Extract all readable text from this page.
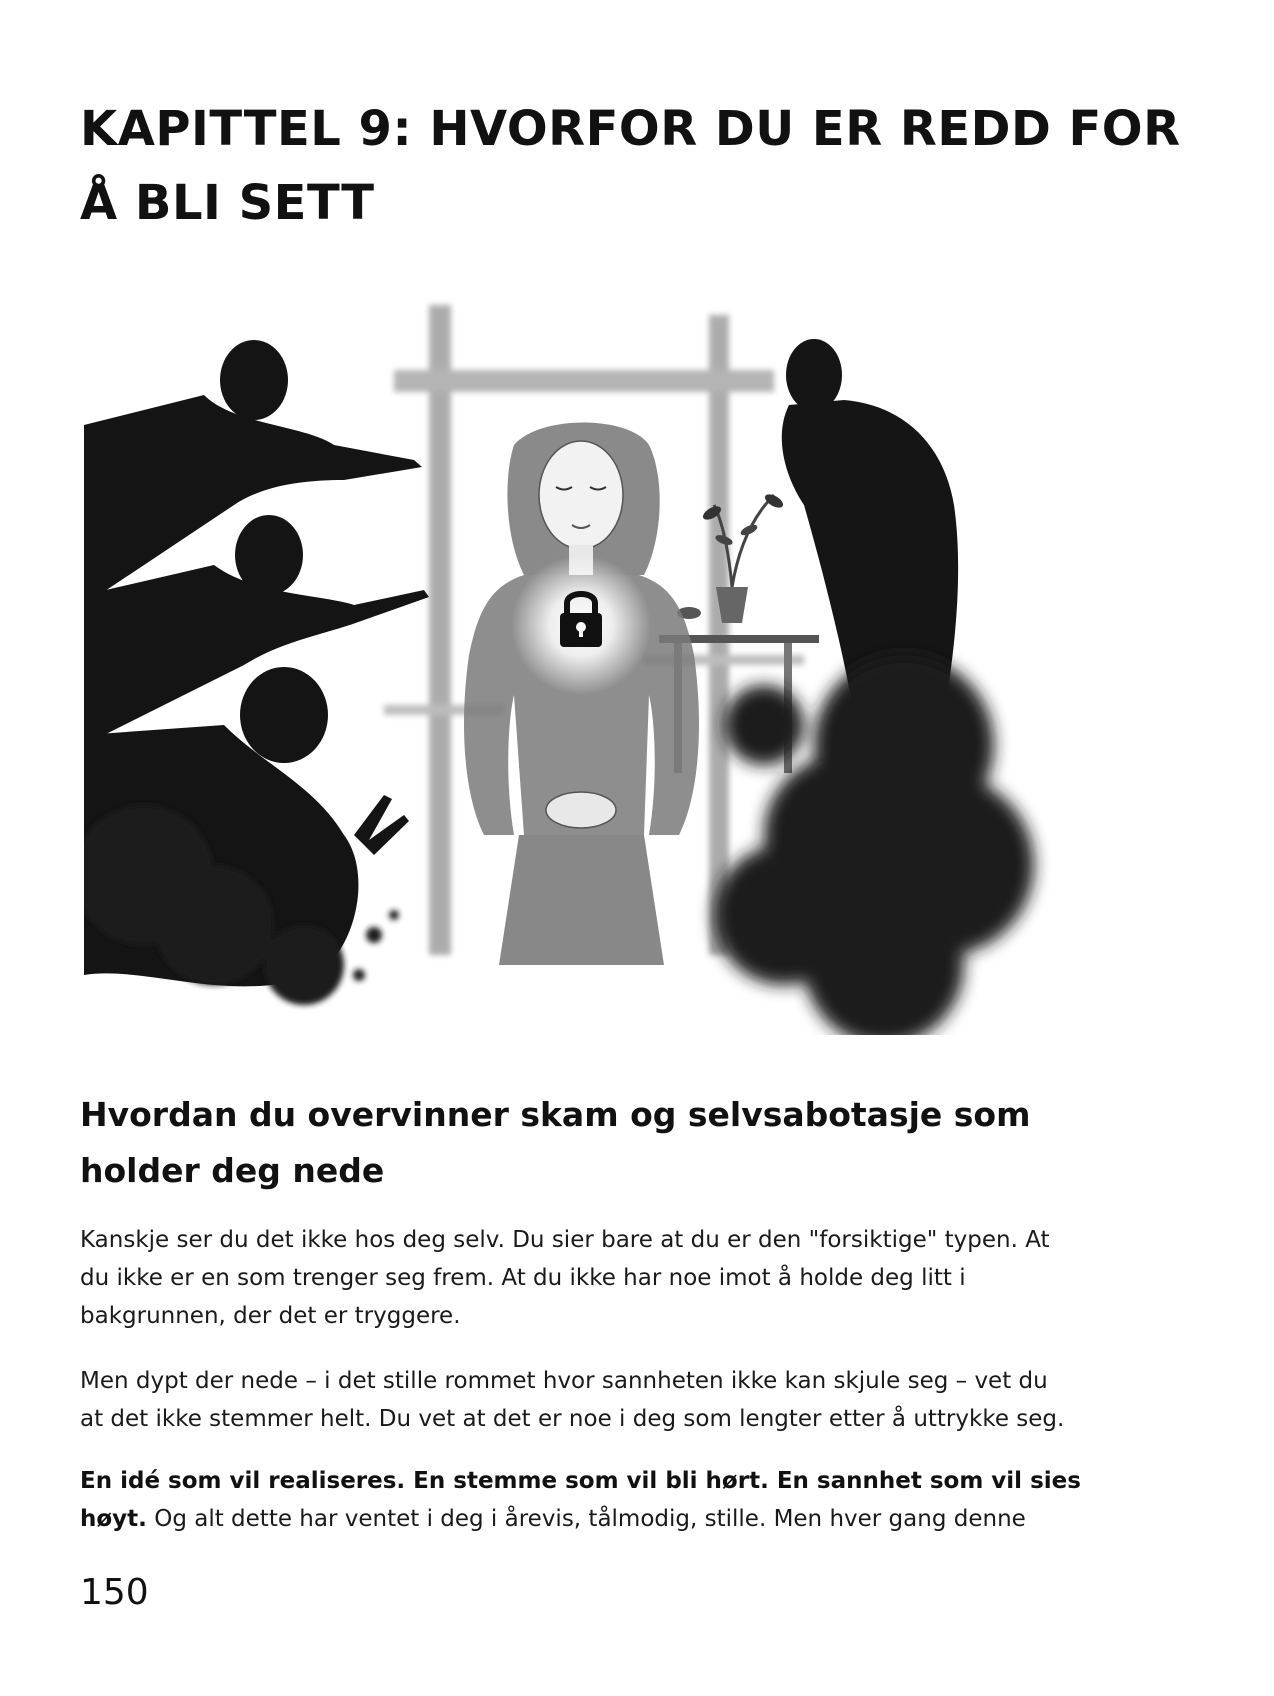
KAPITTEL 9: HVORFOR DU ER REDD FOR
Å BLI SETT
Hvordan du overvinner skam og selvsabotasje som
holder deg nede

Kanskje ser du det ikke hos deg selv. Du sier bare at du er den "forsiktige" typen. At
du ikke er en som trenger seg frem. At du ikke har noe imot å holde deg litt i
bakgrunnen, der det er tryggere.

Men dypt der nede – i det stille rommet hvor sannheten ikke kan skjule seg – vet du
at det ikke stemmer helt. Du vet at det er noe i deg som lengter etter å uttrykke seg.

En idé som vil realiseres. En stemme som vil bli hørt. En sannhet som vil sies
høyt. Og alt dette har ventet i deg i årevis, tålmodig, stille. Men hver gang denne

150
